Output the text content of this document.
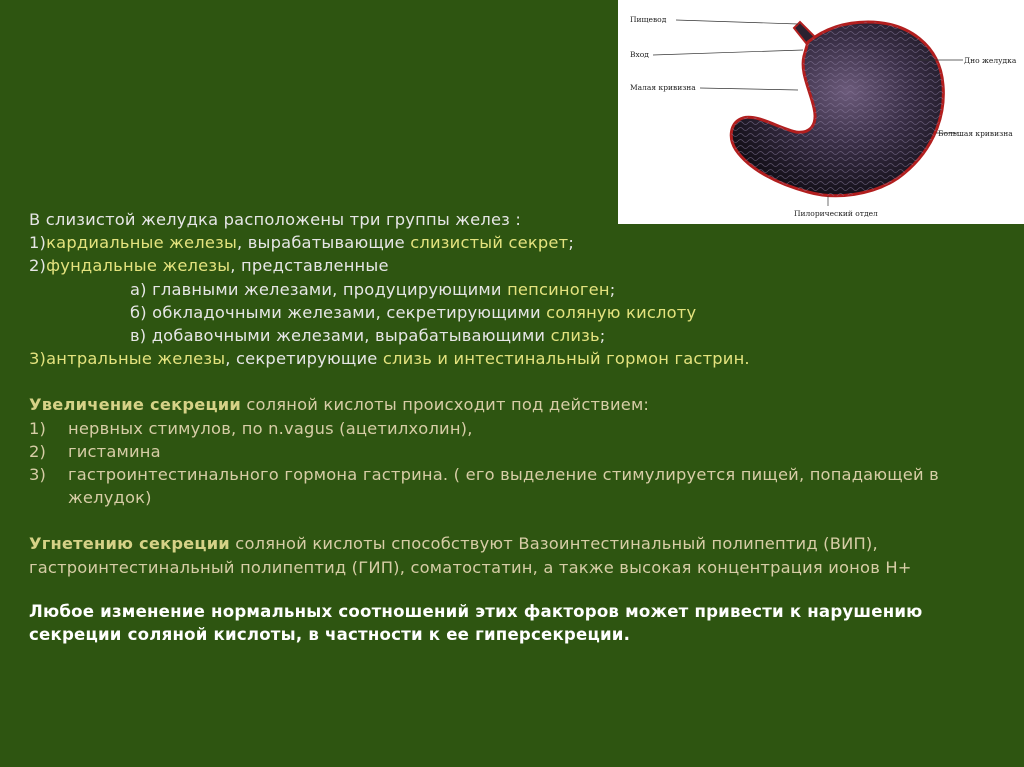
Пищевод
Вход
Малая кривизна
Дно желудка
Большая кривизна
Пилорический отдел
В слизистой желудка расположены три группы желез :
1)кардиальные железы, вырабатывающие слизистый секрет;
2)фундальные железы, представленные
а) главными железами, продуцирующими пепсиноген;
б) обкладочными железами, секретирующими соляную кислоту
в) добавочными железами, вырабатывающими слизь;
3)антральные железы, секретирующие слизь и интестинальный гормон гастрин.
Увеличение секреции соляной кислоты происходит под действием:
1) нервных стимулов, по n.vagus (ацетилхолин),
2) гистамина
3) гастроинтестинального гормона гастрина. ( его выделение стимулируется пищей, попадающей в желудок)
Угнетению секреции соляной кислоты способствуют Вазоинтестинальный полипептид (ВИП), гастроинтестинальный полипептид (ГИП), соматостатин, а также высокая концентрация ионов Н+
Любое изменение нормальных соотношений этих факторов может привести к нарушению секреции соляной кислоты, в частности к ее гиперсекреции.
